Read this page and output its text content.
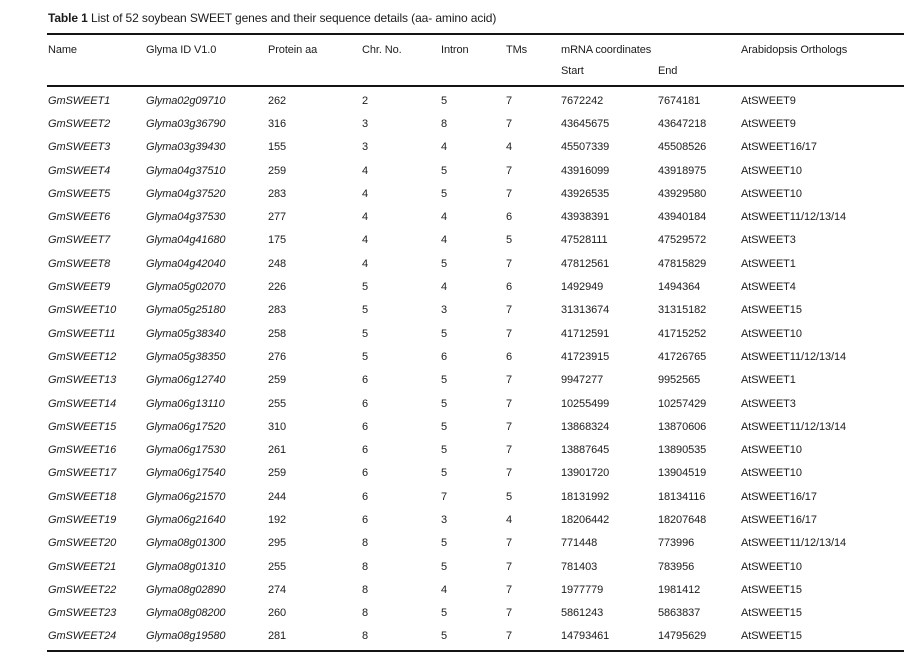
Table 1 List of 52 soybean SWEET genes and their sequence details (aa- amino acid)
Name	Glyma ID V1.0	Protein aa	Chr. No.	Intron	TMs	mRNA coordinates	Arabidopsis Orthologs
Start	End
GmSWEET1	Glyma02g09710	262	2	5	7	7672242	7674181	AtSWEET9
GmSWEET2	Glyma03g36790	316	3	8	7	43645675	43647218	AtSWEET9
GmSWEET3	Glyma03g39430	155	3	4	4	45507339	45508526	AtSWEET16/17
GmSWEET4	Glyma04g37510	259	4	5	7	43916099	43918975	AtSWEET10
GmSWEET5	Glyma04g37520	283	4	5	7	43926535	43929580	AtSWEET10
GmSWEET6	Glyma04g37530	277	4	4	6	43938391	43940184	AtSWEET11/12/13/14
GmSWEET7	Glyma04g41680	175	4	4	5	47528111	47529572	AtSWEET3
GmSWEET8	Glyma04g42040	248	4	5	7	47812561	47815829	AtSWEET1
GmSWEET9	Glyma05g02070	226	5	4	6	1492949	1494364	AtSWEET4
GmSWEET10	Glyma05g25180	283	5	3	7	31313674	31315182	AtSWEET15
GmSWEET11	Glyma05g38340	258	5	5	7	41712591	41715252	AtSWEET10
GmSWEET12	Glyma05g38350	276	5	6	6	41723915	41726765	AtSWEET11/12/13/14
GmSWEET13	Glyma06g12740	259	6	5	7	9947277	9952565	AtSWEET1
GmSWEET14	Glyma06g13110	255	6	5	7	10255499	10257429	AtSWEET3
GmSWEET15	Glyma06g17520	310	6	5	7	13868324	13870606	AtSWEET11/12/13/14
GmSWEET16	Glyma06g17530	261	6	5	7	13887645	13890535	AtSWEET10
GmSWEET17	Glyma06g17540	259	6	5	7	13901720	13904519	AtSWEET10
GmSWEET18	Glyma06g21570	244	6	7	5	18131992	18134116	AtSWEET16/17
GmSWEET19	Glyma06g21640	192	6	3	4	18206442	18207648	AtSWEET16/17
GmSWEET20	Glyma08g01300	295	8	5	7	771448	773996	AtSWEET11/12/13/14
GmSWEET21	Glyma08g01310	255	8	5	7	781403	783956	AtSWEET10
GmSWEET22	Glyma08g02890	274	8	4	7	1977779	1981412	AtSWEET15
GmSWEET23	Glyma08g08200	260	8	5	7	5861243	5863837	AtSWEET15
GmSWEET24	Glyma08g19580	281	8	5	7	14793461	14795629	AtSWEET15
